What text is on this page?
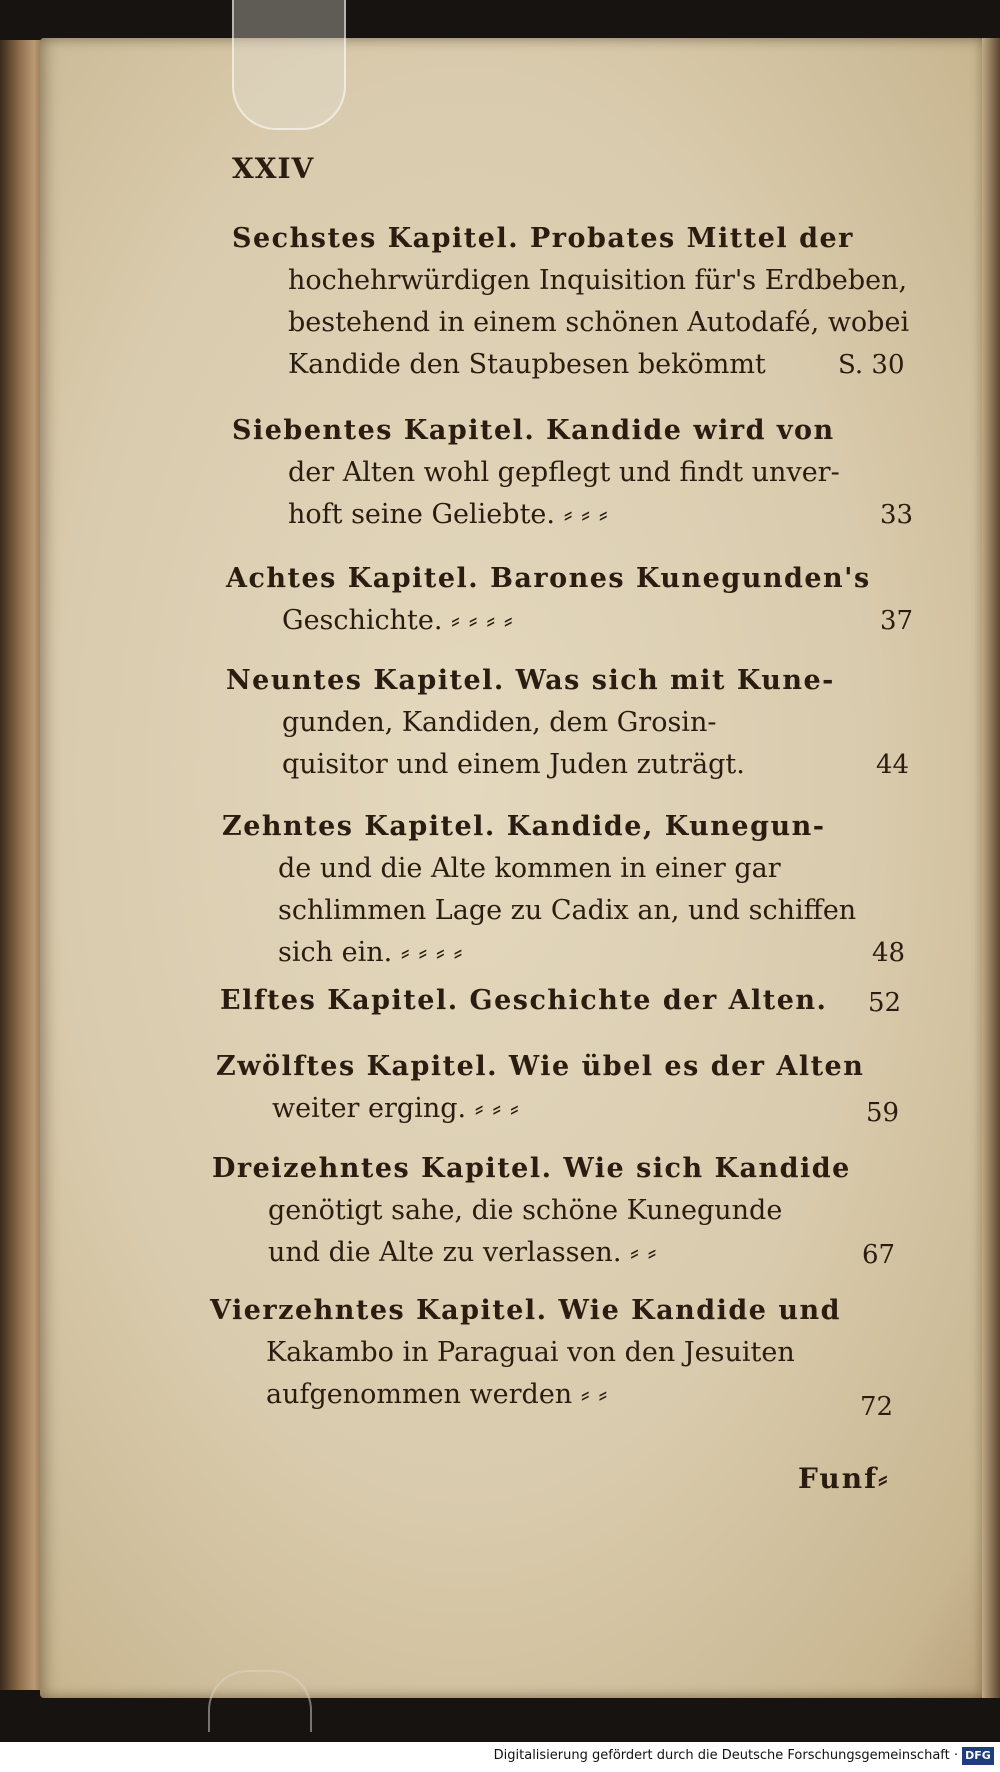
XXIV
Sechstes Kapitel. Probates Mittel der
hochehrwürdigen Inquisition für's Erdbeben,
bestehend in einem schönen Autodafé, wobei
Kandide den Staupbesen bekömmt	S. 30
Siebentes Kapitel. Kandide wird von
der Alten wohl gepflegt und findt unver-
hoft seine Geliebte. ⸗ ⸗ ⸗	33
Achtes Kapitel. Barones Kunegunden's
Geschichte. ⸗ ⸗ ⸗ ⸗	37
Neuntes Kapitel. Was sich mit Kune-
gunden, Kandiden, dem Grosin-
quisitor und einem Juden zuträgt.	44
Zehntes Kapitel. Kandide, Kunegun-
de und die Alte kommen in einer gar
schlimmen Lage zu Cadix an, und schiffen
sich ein. ⸗ ⸗ ⸗ ⸗	48
Elftes Kapitel. Geschichte der Alten. 52
Zwölftes Kapitel. Wie übel es der Alten
weiter erging. ⸗ ⸗ ⸗	59
Dreizehntes Kapitel. Wie sich Kandide
genötigt sahe, die schöne Kunegunde
und die Alte zu verlassen. ⸗ ⸗	67
Vierzehntes Kapitel. Wie Kandide und
Kakambo in Paraguai von den Jesuiten
aufgenommen werden ⸗ ⸗	72
Funf⸗
Digitalisierung gefördert durch die Deutsche Forschungsgemeinschaft · DFG
